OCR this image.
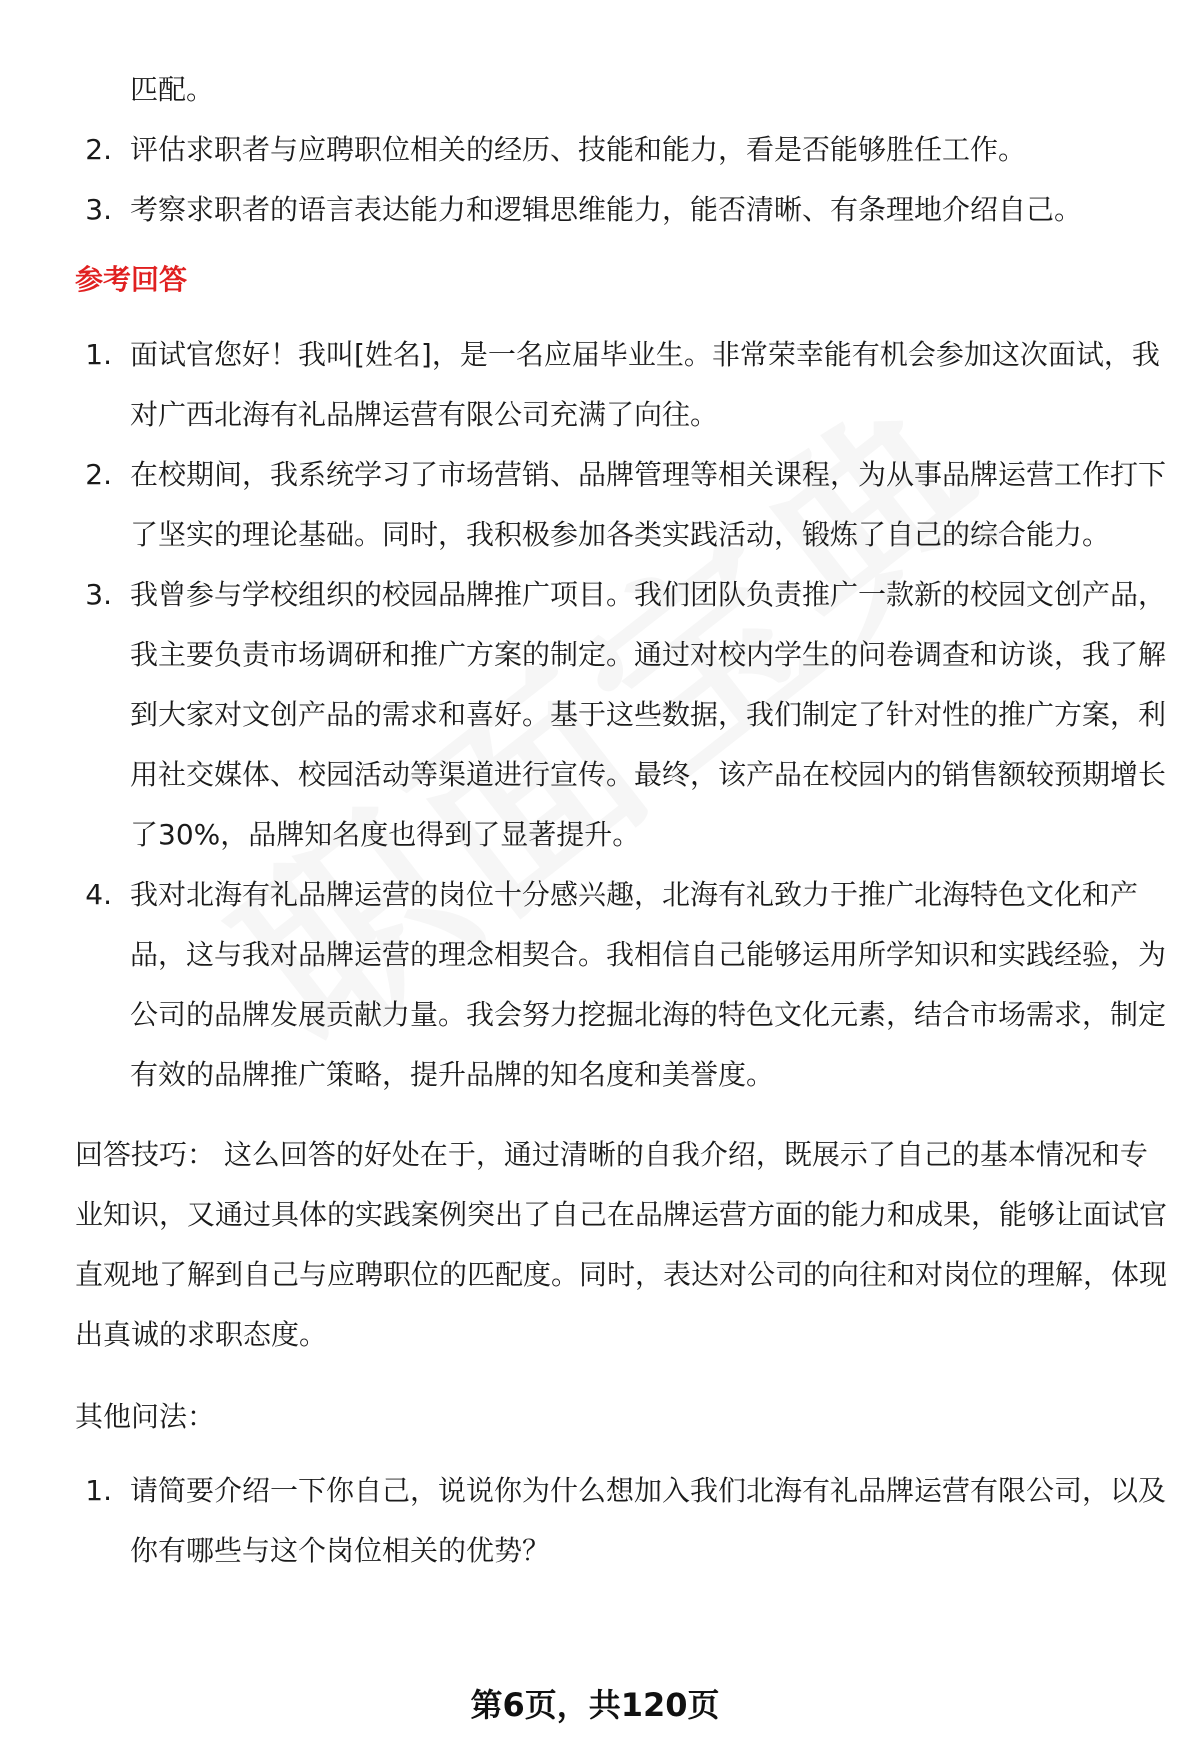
匹配。
2. 评估求职者与应聘职位相关的经历、技能和能力，看是否能够胜任工作。
3. 考察求职者的语言表达能力和逻辑思维能力，能否清晰、有条理地介绍自己。
参考回答
1. 面试官您好！我叫[姓名]，是一名应届毕业生。非常荣幸能有机会参加这次面试，我对广西北海有礼品牌运营有限公司充满了向往。
2. 在校期间，我系统学习了市场营销、品牌管理等相关课程，为从事品牌运营工作打下了坚实的理论基础。同时，我积极参加各类实践活动，锻炼了自己的综合能力。
3. 我曾参与学校组织的校园品牌推广项目。我们团队负责推广一款新的校园文创产品，我主要负责市场调研和推广方案的制定。通过对校内学生的问卷调查和访谈，我了解到大家对文创产品的需求和喜好。基于这些数据，我们制定了针对性的推广方案，利用社交媒体、校园活动等渠道进行宣传。最终，该产品在校园内的销售额较预期增长了30%，品牌知名度也得到了显著提升。
4. 我对北海有礼品牌运营的岗位十分感兴趣，北海有礼致力于推广北海特色文化和产品，这与我对品牌运营的理念相契合。我相信自己能够运用所学知识和实践经验，为公司的品牌发展贡献力量。我会努力挖掘北海的特色文化元素，结合市场需求，制定有效的品牌推广策略，提升品牌的知名度和美誉度。
回答技巧： 这么回答的好处在于，通过清晰的自我介绍，既展示了自己的基本情况和专业知识，又通过具体的实践案例突出了自己在品牌运营方面的能力和成果，能够让面试官直观地了解到自己与应聘职位的匹配度。同时，表达对公司的向往和对岗位的理解，体现出真诚的求职态度。
其他问法：
1. 请简要介绍一下你自己，说说你为什么想加入我们北海有礼品牌运营有限公司，以及你有哪些与这个岗位相关的优势？
第6页，共120页
